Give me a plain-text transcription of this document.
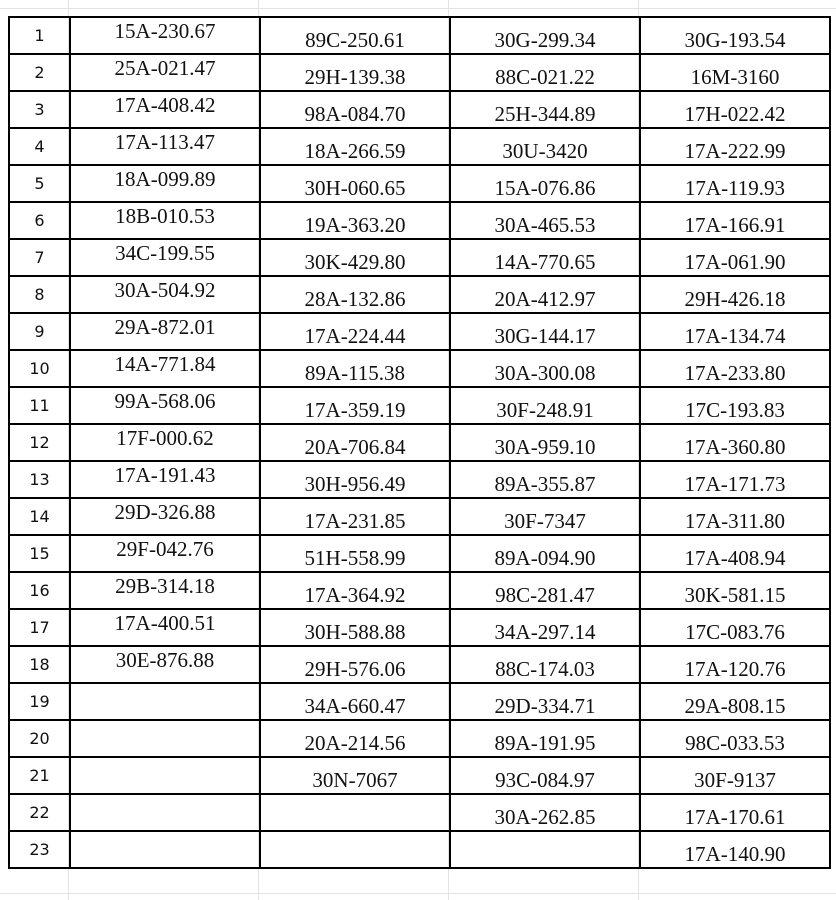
1	15A-230.67	89C-250.61	30G-299.34	30G-193.54
2	25A-021.47	29H-139.38	88C-021.22	16M-3160
3	17A-408.42	98A-084.70	25H-344.89	17H-022.42
4	17A-113.47	18A-266.59	30U-3420	17A-222.99
5	18A-099.89	30H-060.65	15A-076.86	17A-119.93
6	18B-010.53	19A-363.20	30A-465.53	17A-166.91
7	34C-199.55	30K-429.80	14A-770.65	17A-061.90
8	30A-504.92	28A-132.86	20A-412.97	29H-426.18
9	29A-872.01	17A-224.44	30G-144.17	17A-134.74
10	14A-771.84	89A-115.38	30A-300.08	17A-233.80
11	99A-568.06	17A-359.19	30F-248.91	17C-193.83
12	17F-000.62	20A-706.84	30A-959.10	17A-360.80
13	17A-191.43	30H-956.49	89A-355.87	17A-171.73
14	29D-326.88	17A-231.85	30F-7347	17A-311.80
15	29F-042.76	51H-558.99	89A-094.90	17A-408.94
16	29B-314.18	17A-364.92	98C-281.47	30K-581.15
17	17A-400.51	30H-588.88	34A-297.14	17C-083.76
18	30E-876.88	29H-576.06	88C-174.03	17A-120.76
19		34A-660.47	29D-334.71	29A-808.15
20		20A-214.56	89A-191.95	98C-033.53
21		30N-7067	93C-084.97	30F-9137
22			30A-262.85	17A-170.61
23				17A-140.90
